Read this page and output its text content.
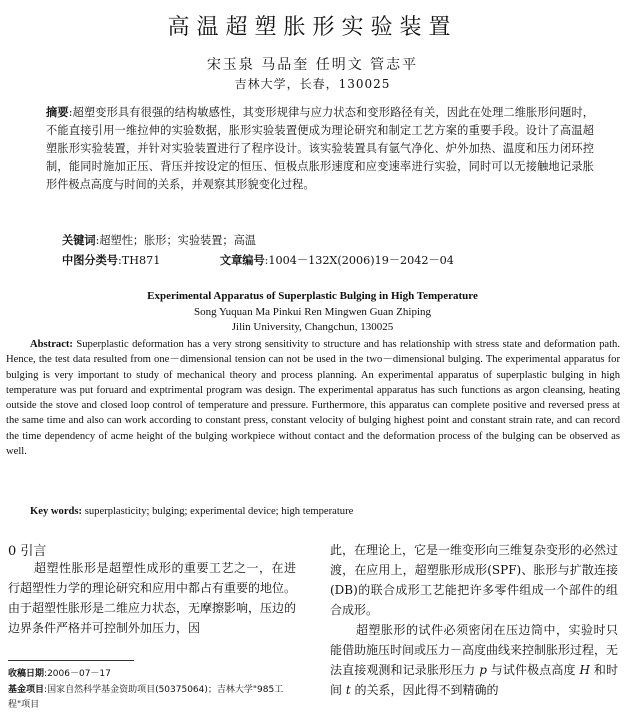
高温超塑胀形实验装置
宋玉泉 马品奎 任明文 管志平
吉林大学，长春，130025
摘要:超塑变形具有很强的结构敏感性，其变形规律与应力状态和变形路径有关，因此在处理二维胀形问题时，不能直接引用一维拉伸的实验数据，胀形实验装置便成为理论研究和制定工艺方案的重要手段。设计了高温超塑胀形实验装置，并针对实验装置进行了程序设计。该实验装置具有氩气净化、炉外加热、温度和压力闭环控制，能同时施加正压、背压并按设定的恒压、恒极点胀形速度和应变速率进行实验，同时可以无接触地记录胀形件极点高度与时间的关系，并观察其形貌变化过程。
关键词:超塑性；胀形；实验装置；高温
中图分类号:TH871	文章编号:1004－132X(2006)19－2042－04
Experimental Apparatus of Superplastic Bulging in High Temperature
Song Yuquan Ma Pinkui Ren Mingwen Guan Zhiping
Jilin University, Changchun, 130025
Abstract: Superplastic deformation has a very strong sensitivity to structure and has relationship with stress state and deformation path. Hence, the test data resulted from one－dimensional tension can not be used in the two－dimensional bulging. The experimental apparatus for bulging is very important to study of mechanical theory and process planning. An experimental apparatus of superplastic bulging in high temperature was put foruard and exptrimental program was design. The experimental apparatus has such functions as argon cleansing, heating outside the stove and closed loop control of temperature and pressure. Furthermore, this apparatus can complete positive and reversed press at the same time and also can work according to constant press, constant velocity of bulging highest point and constant strain rate, and can record the time dependency of acme height of the bulging workpiece without contact and the deformation process of the bulging can be observed as well.
Key words: superplasticity; bulging; experimental device; high temperature
0 引言
超塑性胀形是超塑性成形的重要工艺之一，在进行超塑性力学的理论研究和应用中都占有重要的地位。由于超塑性胀形是二维应力状态，无摩擦影响，压边的边界条件严格并可控制外加压力，因
此，在理论上，它是一维变形向三维复杂变形的必然过渡，在应用上，超塑胀形成形(SPF)、胀形与扩散连接(DB)的联合成形工艺能把许多零件组成一个部件的组合成形。
超塑胀形的试件必须密闭在压边筒中，实验时只能借助施压时间或压力－高度曲线来控制胀形过程，无法直接观测和记录胀形压力 p 与试件极点高度 H 和时间 t 的关系，因此得不到精确的
收稿日期:2006－07－17
基金项目:国家自然科学基金资助项目(50375064)；吉林大学"985工程"项目
